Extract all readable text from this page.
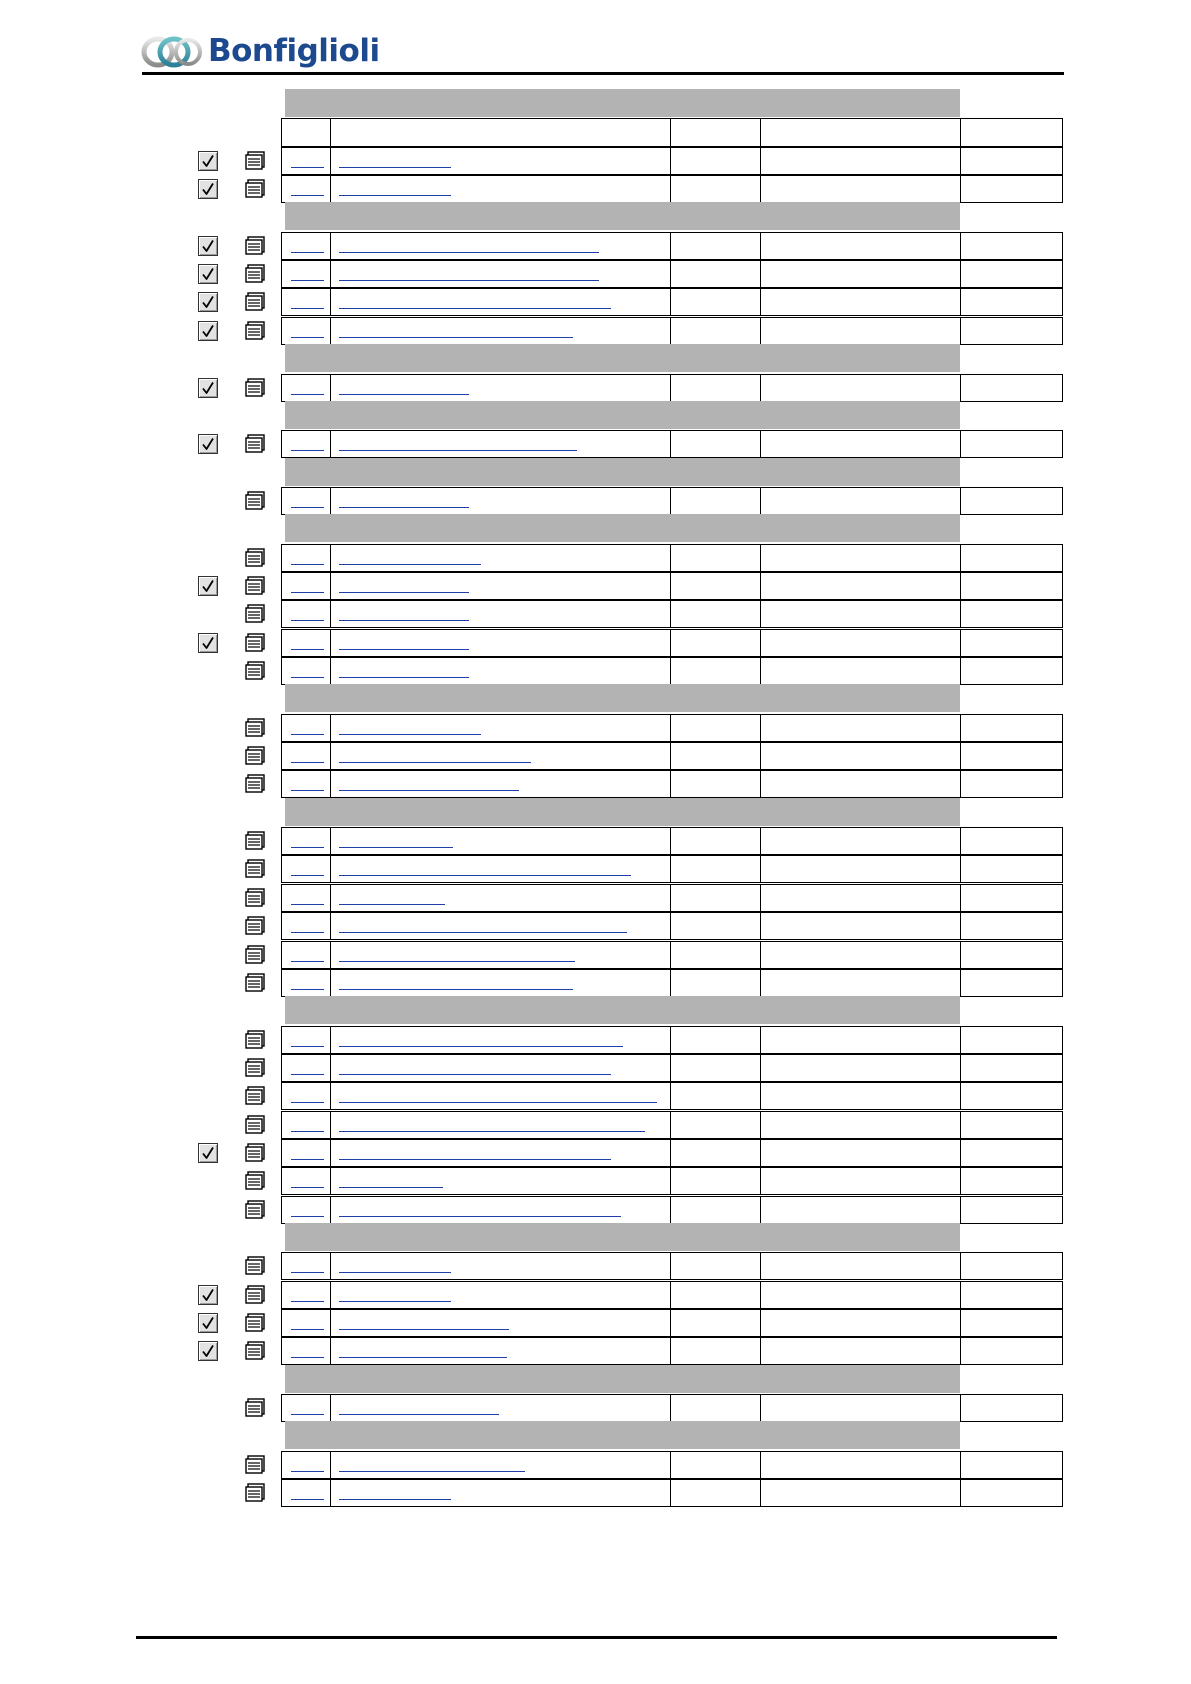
Bonfiglioli
